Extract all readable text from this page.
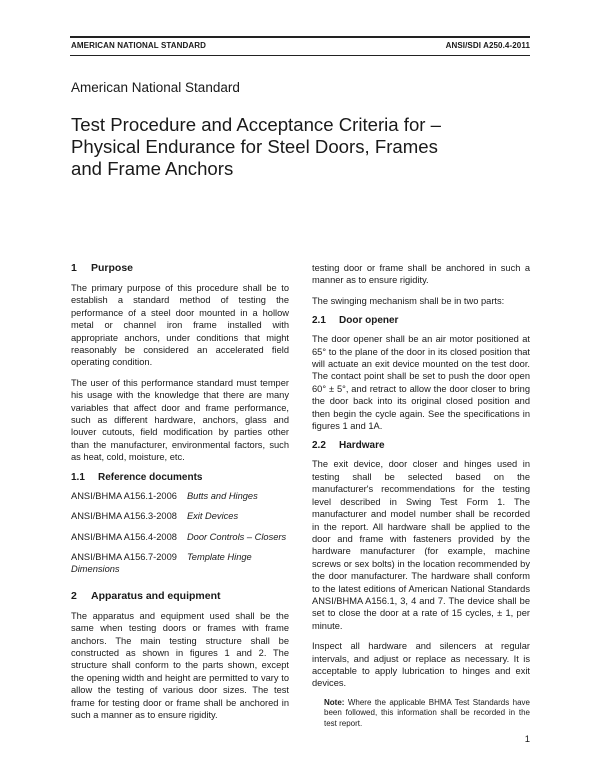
AMERICAN NATIONAL STANDARD	ANSI/SDI A250.4-2011
American National Standard
Test Procedure and Acceptance Criteria for – Physical Endurance for Steel Doors, Frames and Frame Anchors
1	Purpose

The primary purpose of this procedure shall be to establish a standard method of testing the performance of a steel door mounted in a hollow metal or channel iron frame installed with appropriate anchors, under conditions that might reasonably be considered an accelerated field operating condition.

The user of this performance standard must temper his usage with the knowledge that there are many variables that affect door and frame performance, such as different hardware, anchors, glass and louver cutouts, field modification by parties other than the manufacturer, environmental factors, such as heat, cold, moisture, etc.

1.1	Reference documents
ANSI/BHMA A156.1-2006 Butts and Hinges
ANSI/BHMA A156.3-2008 Exit Devices
ANSI/BHMA A156.4-2008 Door Controls – Closers
ANSI/BHMA A156.7-2009 Template Hinge Dimensions
2	Apparatus and equipment

The apparatus and equipment used shall be the same when testing doors or frames with frame anchors. The main testing structure shall be constructed as shown in figures 1 and 2. The structure shall conform to the parts shown, except the opening width and height are permitted to vary to allow the testing of various door sizes. The test frame for testing door or frame shall be anchored in such a manner as to ensure rigidity.

testing door or frame shall be anchored in such a manner as to ensure rigidity.

The swinging mechanism shall be in two parts:

2.1	Door opener

The door opener shall be an air motor positioned at 65° to the plane of the door in its closed position that will actuate an exit device mounted on the test door. The contact point shall be set to push the door open 60° ± 5°, and retract to allow the door closer to bring the door back into its original closed position and then begin the cycle again. See the specifications in figures 1 and 1A.

2.2	Hardware

The exit device, door closer and hinges used in testing shall be selected based on the manufacturer's recommendations for the testing level described in Swing Test Form 1. The manufacturer and model number shall be recorded in the report. All hardware shall be applied to the door and frame with fasteners provided by the hardware manufacturer (for example, machine screws or sex bolts) in the location recommended by the door manufacturer. The hardware shall conform to the latest editions of American National Standards ANSI/BHMA A156.1, 3, 4 and 7. The device shall be set to close the door at a rate of 15 cycles, ± 1, per minute.

Inspect all hardware and silencers at regular intervals, and adjust or replace as necessary. It is acceptable to apply lubrication to hinges and exit devices.

Note: Where the applicable BHMA Test Standards have been followed, this information shall be recorded in the test report.

1
